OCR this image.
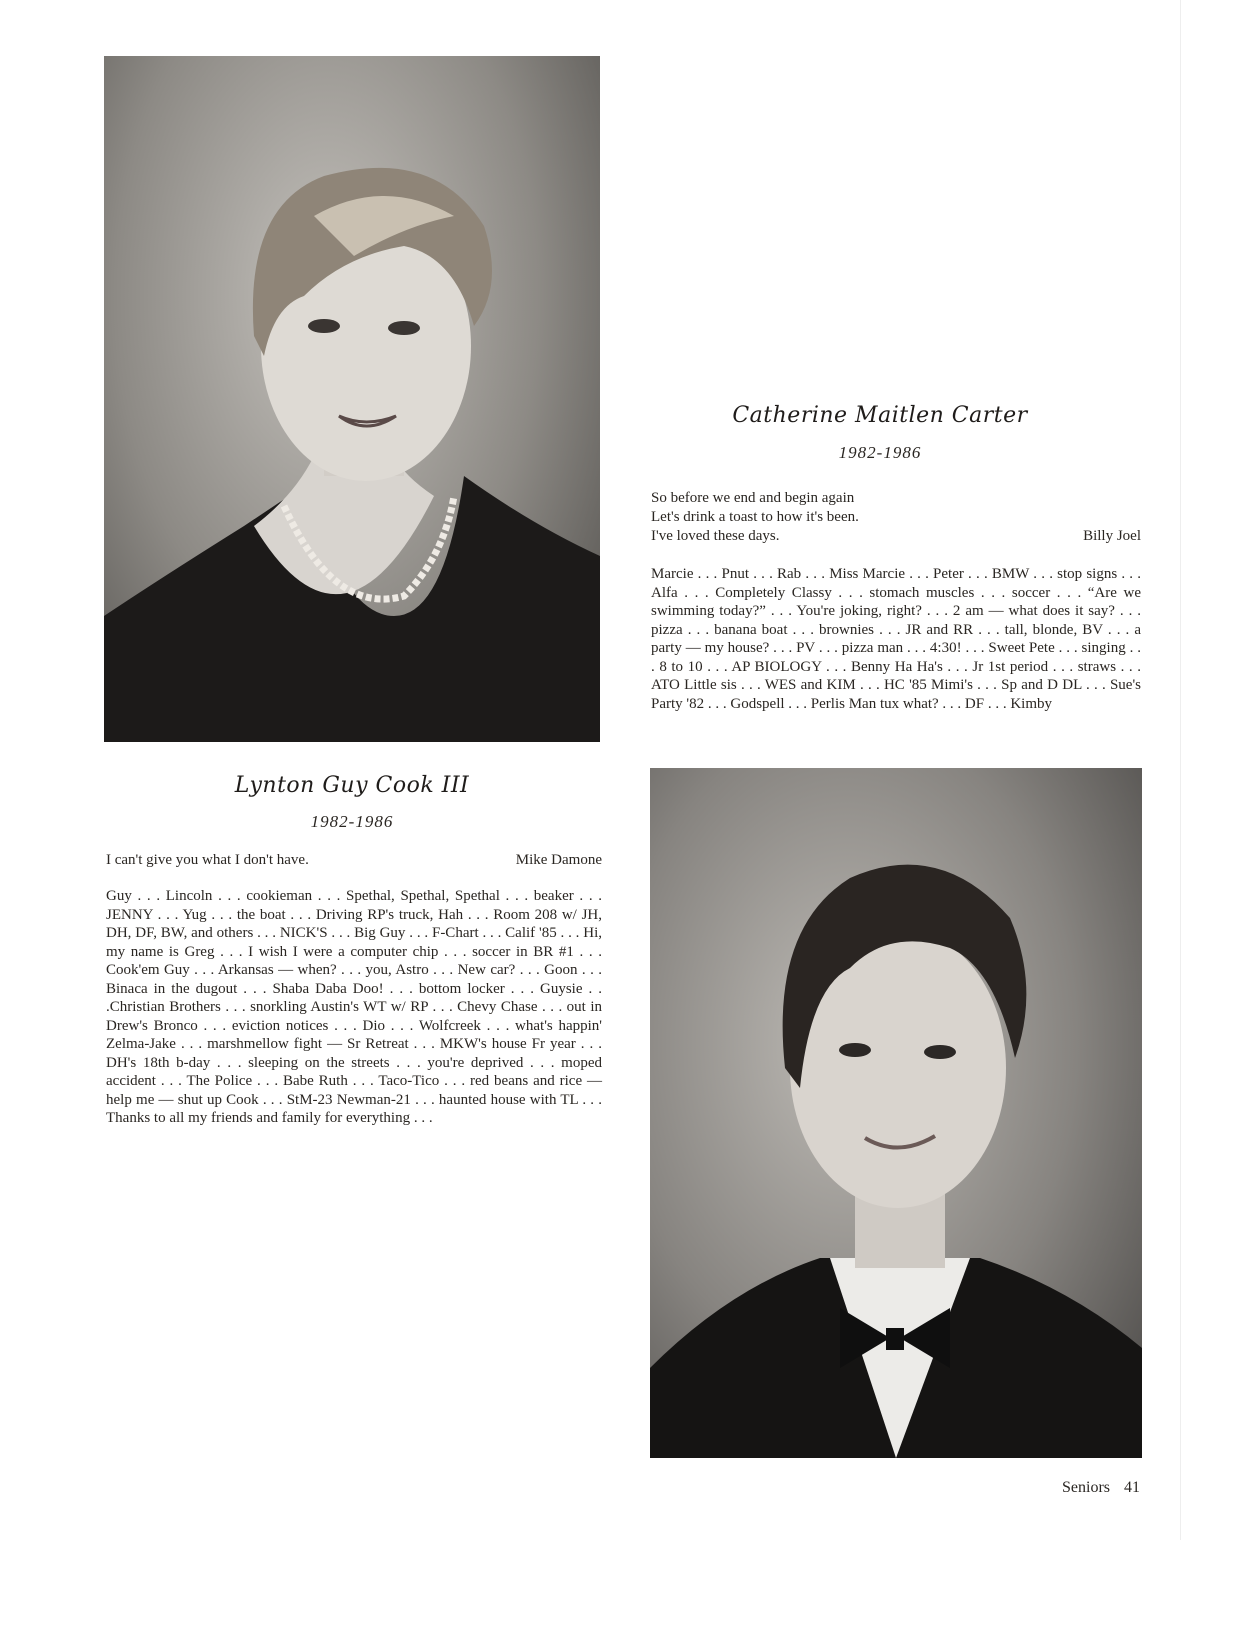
Catherine Maitlen Carter
1982-1986
So before we end and begin again
Let's drink a toast to how it's been.
I've loved these days.	Billy Joel
Marcie . . . Pnut . . . Rab . . . Miss Marcie . . . Peter . . . BMW . . . stop signs . . . Alfa . . . Completely Classy . . . stomach muscles . . . soccer . . . “Are we swimming today?” . . . You're joking, right? . . . 2 am — what does it say? . . . pizza . . . banana boat . . . brownies . . . JR and RR . . . tall, blonde, BV . . . a party — my house? . . . PV . . . pizza man . . . 4:30! . . . Sweet Pete . . . singing . . . 8 to 10 . . . AP BIOLOGY . . . Benny Ha Ha's . . . Jr 1st period . . . straws . . . ATO Little sis . . . WES and KIM . . . HC '85 Mimi's . . . Sp and D DL . . . Sue's Party '82 . . . Godspell . . . Perlis Man tux what? . . . DF . . . Kimby
Lynton Guy Cook III
1982-1986
I can't give you what I don't have.	Mike Damone
Guy . . . Lincoln . . . cookieman . . . Spethal, Spethal, Spethal . . . beaker . . . JENNY . . . Yug . . . the boat . . . Driving RP's truck, Hah . . . Room 208 w/ JH, DH, DF, BW, and others . . . NICK'S . . . Big Guy . . . F-Chart . . . Calif '85 . . . Hi, my name is Greg . . . I wish I were a computer chip . . . soccer in BR #1 . . . Cook'em Guy . . . Arkansas — when? . . . you, Astro . . . New car? . . . Goon . . . Binaca in the dugout . . . Shaba Daba Doo! . . . bottom locker . . . Guysie . . .Christian Brothers . . . snorkling Austin's WT w/ RP . . . Chevy Chase . . . out in Drew's Bronco . . . eviction notices . . . Dio . . . Wolfcreek . . . what's happin' Zelma-Jake . . . marshmellow fight — Sr Retreat . . . MKW's house Fr year . . . DH's 18th b-day . . . sleeping on the streets . . . you're deprived . . . moped accident . . . The Police . . . Babe Ruth . . . Taco-Tico . . . red beans and rice — help me — shut up Cook . . . StM-23 Newman-21 . . . haunted house with TL . . . Thanks to all my friends and family for everything . . .
Seniors 41
